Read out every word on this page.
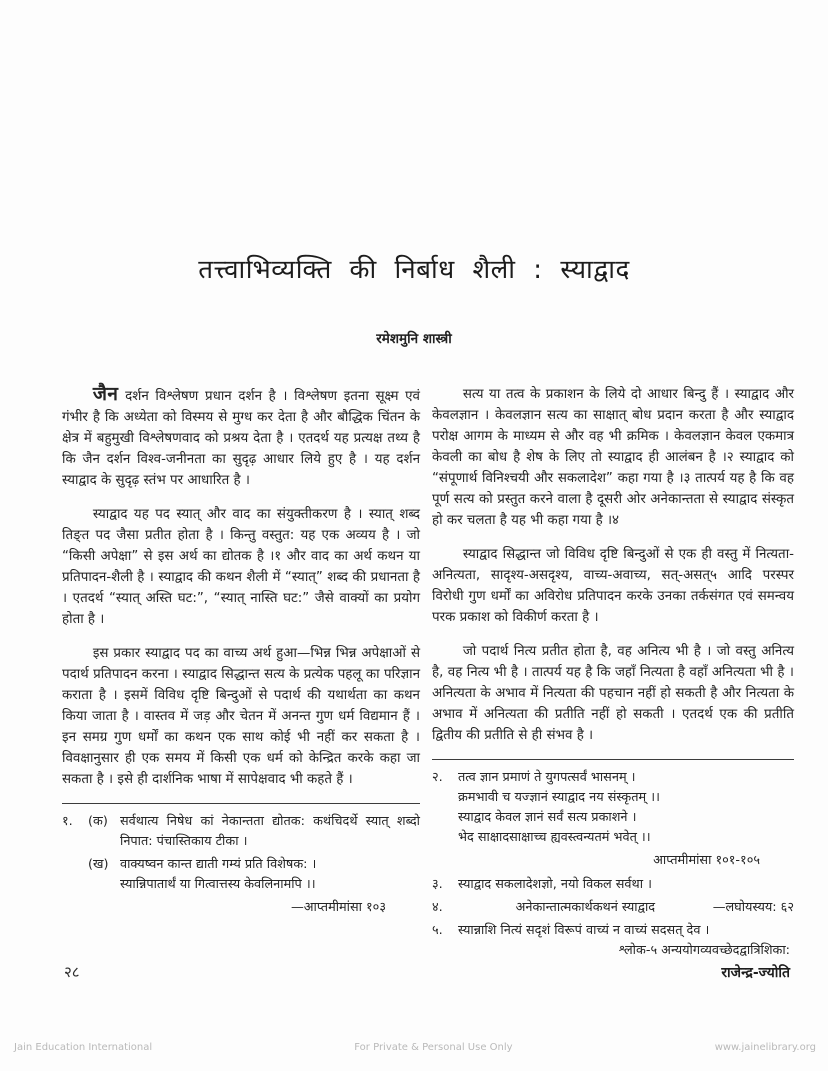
तत्त्वाभिव्यक्ति की निर्बाध शैली : स्याद्वाद
रमेशमुनि शास्त्री

जैन दर्शन विश्लेषण प्रधान दर्शन है । विश्लेषण इतना सूक्ष्म एवं गंभीर है कि अध्येता को विस्मय से मुग्ध कर देता है और बौद्धिक चिंतन के क्षेत्र में बहुमुखी विश्लेषणवाद को प्रश्रय देता है । एतदर्थ यह प्रत्यक्ष तथ्य है कि जैन दर्शन विश्व-जनीनता का सुदृढ़ आधार लिये हुए है । यह दर्शन स्याद्वाद के सुदृढ़ स्तंभ पर आधारित है ।

स्याद्वाद यह पद स्यात् और वाद का संयुक्तीकरण है । स्यात् शब्द तिङ्त पद जैसा प्रतीत होता है । किन्तु वस्तुत: यह एक अव्यय है । जो “किसी अपेक्षा” से इस अर्थ का द्योतक है ।१ और वाद का अर्थ कथन या प्रतिपादन-शैली है । स्याद्वाद की कथन शैली में “स्यात्” शब्द की प्रधानता है । एतदर्थ “स्यात् अस्ति घट:”, “स्यात् नास्ति घट:” जैसे वाक्यों का प्रयोग होता है ।

इस प्रकार स्याद्वाद पद का वाच्य अर्थ हुआ—भिन्न भिन्न अपेक्षाओं से पदार्थ प्रतिपादन करना । स्याद्वाद सिद्धान्त सत्य के प्रत्येक पहलू का परिज्ञान कराता है । इसमें विविध दृष्टि बिन्दुओं से पदार्थ की यथार्थता का कथन किया जाता है । वास्तव में जड़ और चेतन में अनन्त गुण धर्म विद्यमान हैं । इन समग्र गुण धर्मों का कथन एक साथ कोई भी नहीं कर सकता है । विवक्षानुसार ही एक समय में किसी एक धर्म को केन्द्रित करके कहा जा सकता है । इसे ही दार्शनिक भाषा में सापेक्षवाद भी कहते हैं ।

१.	(क) सर्वथात्य निषेध कां नेकान्तता द्योतक: कथंचिदर्थे स्यात् शब्दो निपात: पंचास्तिकाय टीका ।
(ख) वाक्यष्वन कान्त द्याती गम्यं प्रति विशेषक: ।
स्यान्निपातार्थं या गित्वात्तस्य केवलिनामपि ।।
—आप्तमीमांसा १०३

सत्य या तत्व के प्रकाशन के लिये दो आधार बिन्दु हैं । स्याद्वाद और केवलज्ञान । केवलज्ञान सत्य का साक्षात् बोध प्रदान करता है और स्याद्वाद परोक्ष आगम के माध्यम से और वह भी क्रमिक । केवलज्ञान केवल एकमात्र केवली का बोध है शेष के लिए तो स्याद्वाद ही आलंबन है ।२ स्याद्वाद को “संपूणार्थ विनिश्चयी और सकलादेश” कहा गया है ।३ तात्पर्य यह है कि वह पूर्ण सत्य को प्रस्तुत करने वाला है दूसरी ओर अनेकान्तता से स्याद्वाद संस्कृत हो कर चलता है यह भी कहा गया है ।४

स्याद्वाद सिद्धान्त जो विविध दृष्टि बिन्दुओं से एक ही वस्तु में नित्यता-अनित्यता, सादृश्य-असदृश्य, वाच्य-अवाच्य, सत्-असत्५ आदि परस्पर विरोधी गुण धर्मों का अविरोध प्रतिपादन करके उनका तर्कसंगत एवं समन्वय परक प्रकाश को विकीर्ण करता है ।

जो पदार्थ नित्य प्रतीत होता है, वह अनित्य भी है । जो वस्तु अनित्य है, वह नित्य भी है । तात्पर्य यह है कि जहाँ नित्यता है वहाँ अनित्यता भी है । अनित्यता के अभाव में नित्यता की पहचान नहीं हो सकती है और नित्यता के अभाव में अनित्यता की प्रतीति नहीं हो सकती । एतदर्थ एक की प्रतीति द्वितीय की प्रतीति से ही संभव है ।

२.	तत्व ज्ञान प्रमाणं ते युगपत्सर्वं भासनम् ।
क्रमभावी च यज्ज्ञानं स्याद्वाद नय संस्कृतम् ।।
स्याद्वाद केवल ज्ञानं सर्वं सत्य प्रकाशने ।
भेद साक्षादसाक्षाच्च ह्यवस्त्वन्यतमं भवेत् ।।
आप्तमीमांसा १०१-१०५
३.	स्याद्वाद सकलादेशज्ञो, नयो विकल सर्वथा ।
४.	अनेकान्तात्मकार्थकथनं स्याद्वाद	—लघोयस्यय: ६२
५.	स्यान्नाशि नित्यं सदृशं विरूपं वाच्यं न वाच्यं सदसत् देव ।
श्लोक-५ अन्ययोगव्यवच्छेदद्वात्रिशिका:
२८	राजेन्द्र-ज्योति
Jain Education International	For Private & Personal Use Only	www.jainelibrary.org
